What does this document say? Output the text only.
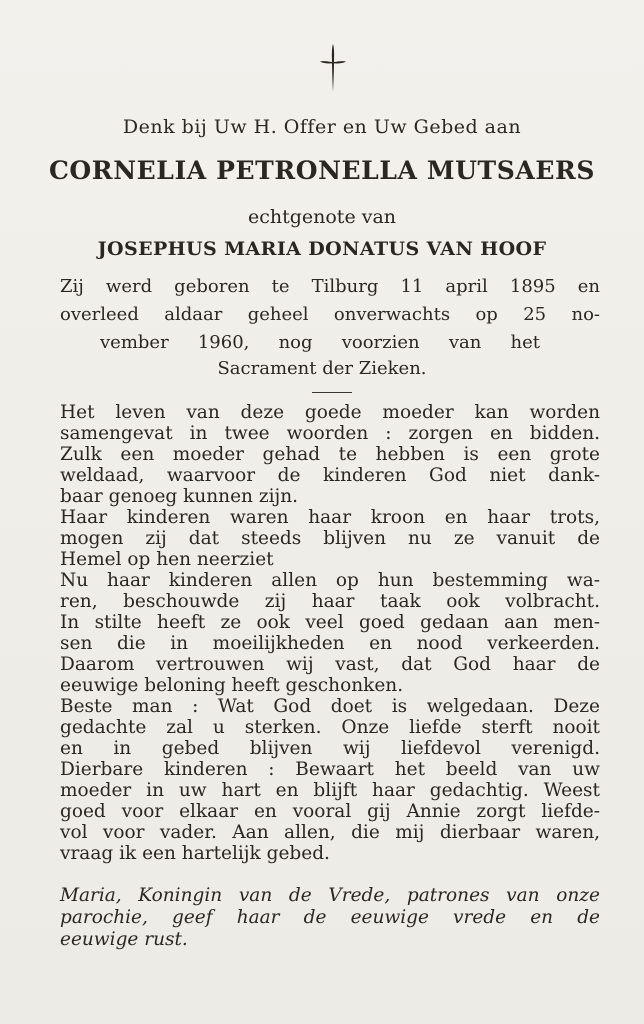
Denk bij Uw H. Offer en Uw Gebed aan
CORNELIA PETRONELLA MUTSAERS
echtgenote van
JOSEPHUS MARIA DONATUS VAN HOOF
Zij werd geboren te Tilburg 11 april 1895 en
overleed aldaar geheel onverwachts op 25 no-
vember 1960, nog voorzien van het
Sacrament der Zieken.
Het leven van deze goede moeder kan worden
samengevat in twee woorden : zorgen en bidden.
Zulk een moeder gehad te hebben is een grote
weldaad, waarvoor de kinderen God niet dank-
baar genoeg kunnen zijn.
Haar kinderen waren haar kroon en haar trots,
mogen zij dat steeds blijven nu ze vanuit de
Hemel op hen neerziet
Nu haar kinderen allen op hun bestemming wa-
ren, beschouwde zij haar taak ook volbracht.
In stilte heeft ze ook veel goed gedaan aan men-
sen die in moeilijkheden en nood verkeerden.
Daarom vertrouwen wij vast, dat God haar de
eeuwige beloning heeft geschonken.
Beste man : Wat God doet is welgedaan. Deze
gedachte zal u sterken. Onze liefde sterft nooit
en in gebed blijven wij liefdevol verenigd.
Dierbare kinderen : Bewaart het beeld van uw
moeder in uw hart en blijft haar gedachtig. Weest
goed voor elkaar en vooral gij Annie zorgt liefde-
vol voor vader. Aan allen, die mij dierbaar waren,
vraag ik een hartelijk gebed.
Maria, Koningin van de Vrede, patrones van onze
parochie, geef haar de eeuwige vrede en de
eeuwige rust.
